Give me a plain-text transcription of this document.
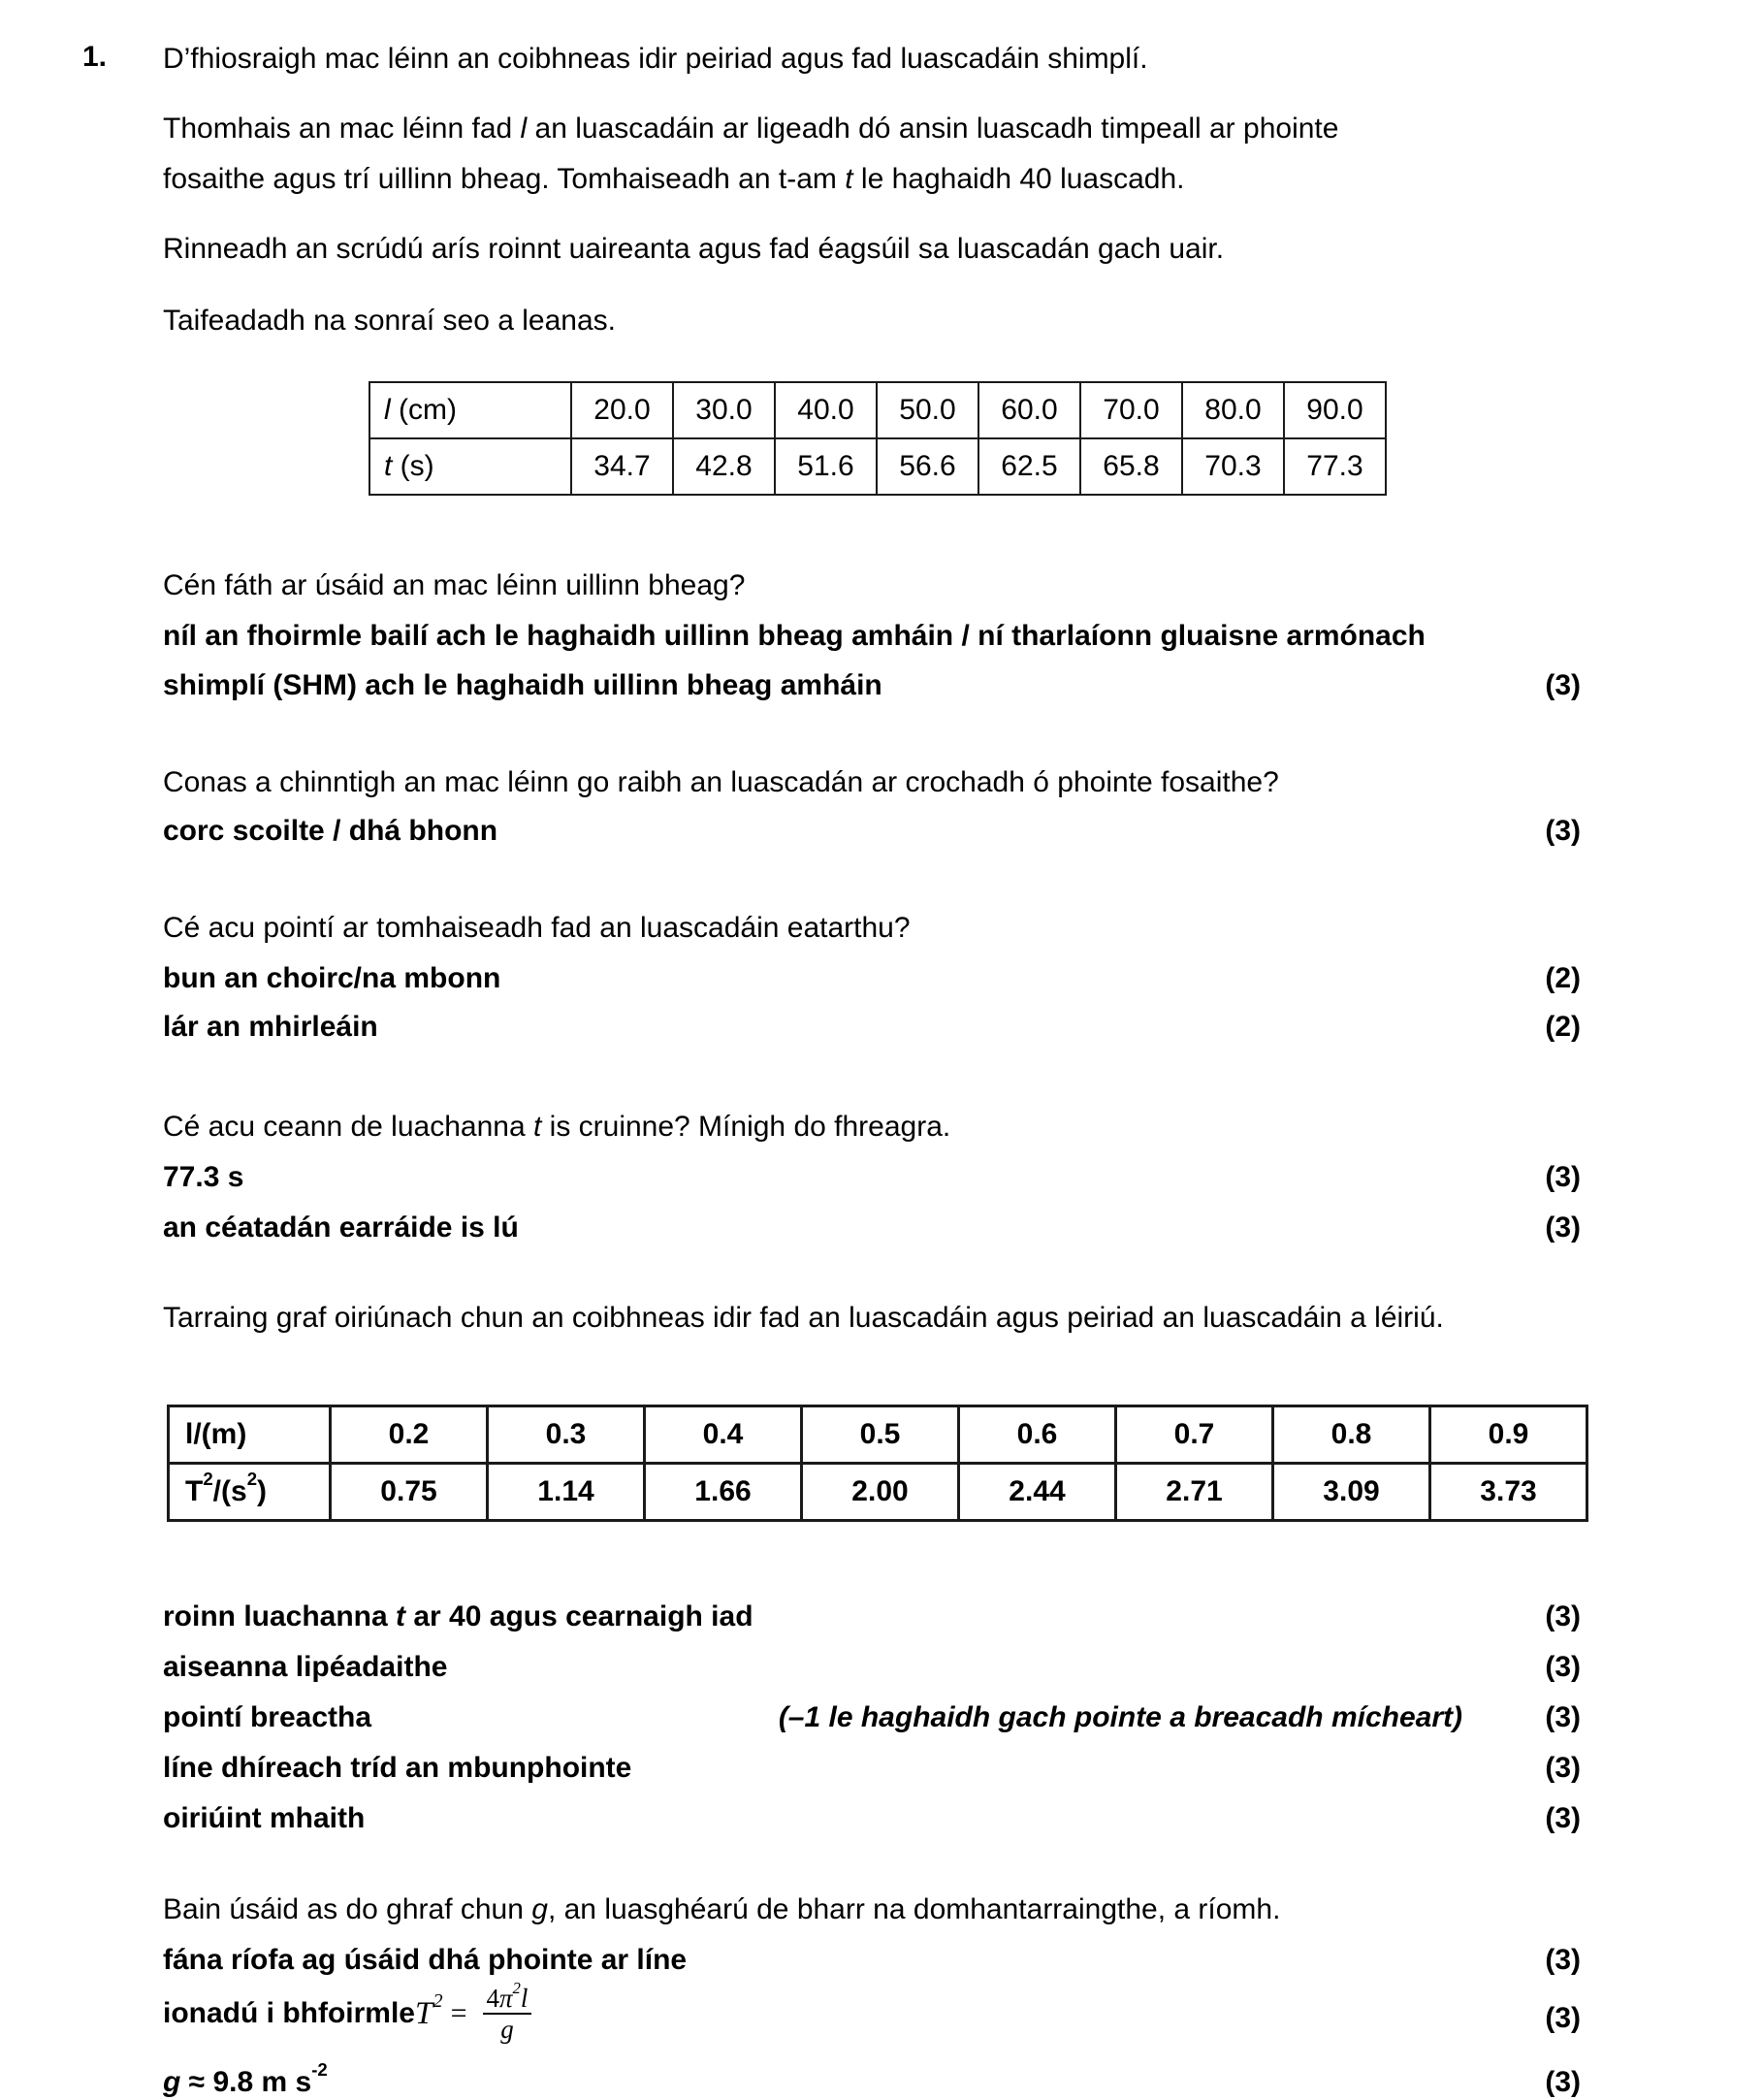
1. D’fhiosraigh mac léinn an coibhneas idir peiriad agus fad luascadáin shimplí.
Thomhais an mac léinn fad l an luascadáin ar ligeadh dó ansin luascadh timpeall ar phointe
fosaithe agus trí uillinn bheag. Tomhaiseadh an t-am t le haghaidh 40 luascadh.
Rinneadh an scrúdú arís roinnt uaireanta agus fad éagsúil sa luascadán gach uair.
Taifeadadh na sonraí seo a leanas.
l (cm)	20.0	30.0	40.0	50.0	60.0	70.0	80.0	90.0
t (s)	34.7	42.8	51.6	56.6	62.5	65.8	70.3	77.3
Cén fáth ar úsáid an mac léinn uillinn bheag?
níl an fhoirmle bailí ach le haghaidh uillinn bheag amháin / ní tharlaíonn gluaisne armónach
shimplí (SHM) ach le haghaidh uillinn bheag amháin	(3)
Conas a chinntigh an mac léinn go raibh an luascadán ar crochadh ó phointe fosaithe?
corc scoilte / dhá bhonn	(3)
Cé acu pointí ar tomhaiseadh fad an luascadáin eatarthu?
bun an choirc/na mbonn	(2)
lár an mhirleáin	(2)
Cé acu ceann de luachanna t is cruinne? Mínigh do fhreagra.
77.3 s	(3)
an céatadán earráide is lú	(3)
Tarraing graf oiriúnach chun an coibhneas idir fad an luascadáin agus peiriad an luascadáin a léiriú.
l/(m)	0.2	0.3	0.4	0.5	0.6	0.7	0.8	0.9
$T^2/(s^2)$	0.75	1.14	1.66	2.00	2.44	2.71	3.09	3.73
roinn luachanna t ar 40 agus cearnaigh iad	(3)
aiseanna lipéadaithe	(3)
pointí breactha	(–1 le haghaidh gach pointe a breacadh mícheart)	(3)
líne dhíreach tríd an mbunphointe	(3)
oiriúint mhaith	(3)
Bain úsáid as do ghraf chun g, an luasghéarú de bharr na domhantarraingthe, a ríomh.
fána ríofa ag úsáid dhá phointe ar líne	(3)
ionadú i bhfoirmle $T^2 = \frac{4\pi^2l}{g}$	(3)
g ≈ 9.8 m $s^{-2}$	(3)
